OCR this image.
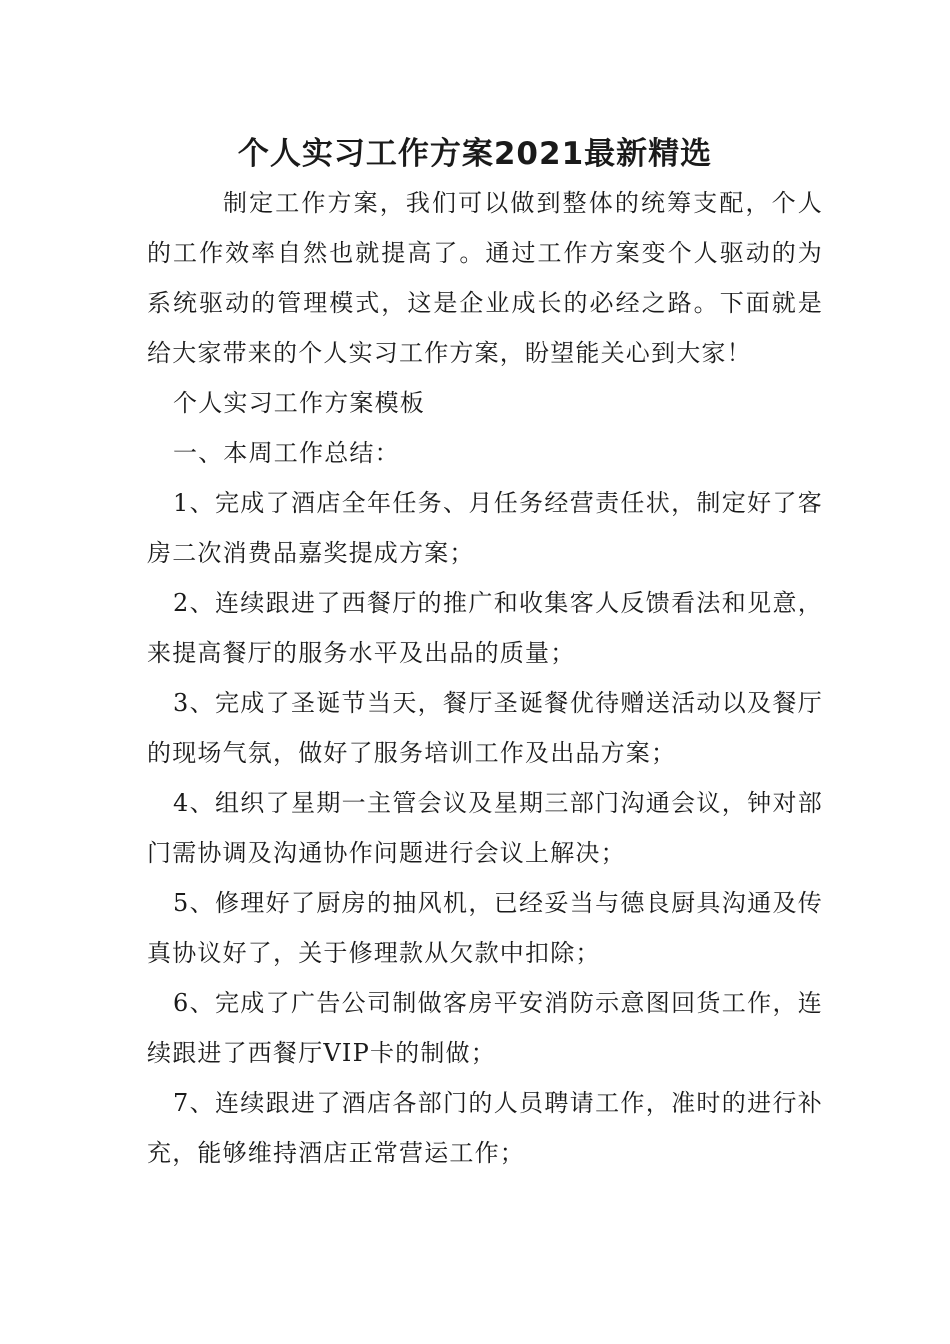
个人实习工作方案2021最新精选

制定工作方案，我们可以做到整体的统筹支配，个人的工作效率自然也就提高了。通过工作方案变个人驱动的为系统驱动的管理模式，这是企业成长的必经之路。下面就是给大家带来的个人实习工作方案，盼望能关心到大家！

个人实习工作方案模板

一、本周工作总结：

1、完成了酒店全年任务、月任务经营责任状，制定好了客房二次消费品嘉奖提成方案；

2、连续跟进了西餐厅的推广和收集客人反馈看法和见意，来提高餐厅的服务水平及出品的质量；

3、完成了圣诞节当天，餐厅圣诞餐优待赠送活动以及餐厅的现场气氛，做好了服务培训工作及出品方案；

4、组织了星期一主管会议及星期三部门沟通会议，钟对部门需协调及沟通协作问题进行会议上解决；

5、修理好了厨房的抽风机，已经妥当与德良厨具沟通及传真协议好了，关于修理款从欠款中扣除；

6、完成了广告公司制做客房平安消防示意图回货工作，连续跟进了西餐厅VIP卡的制做；

7、连续跟进了酒店各部门的人员聘请工作，准时的进行补充，能够维持酒店正常营运工作；
